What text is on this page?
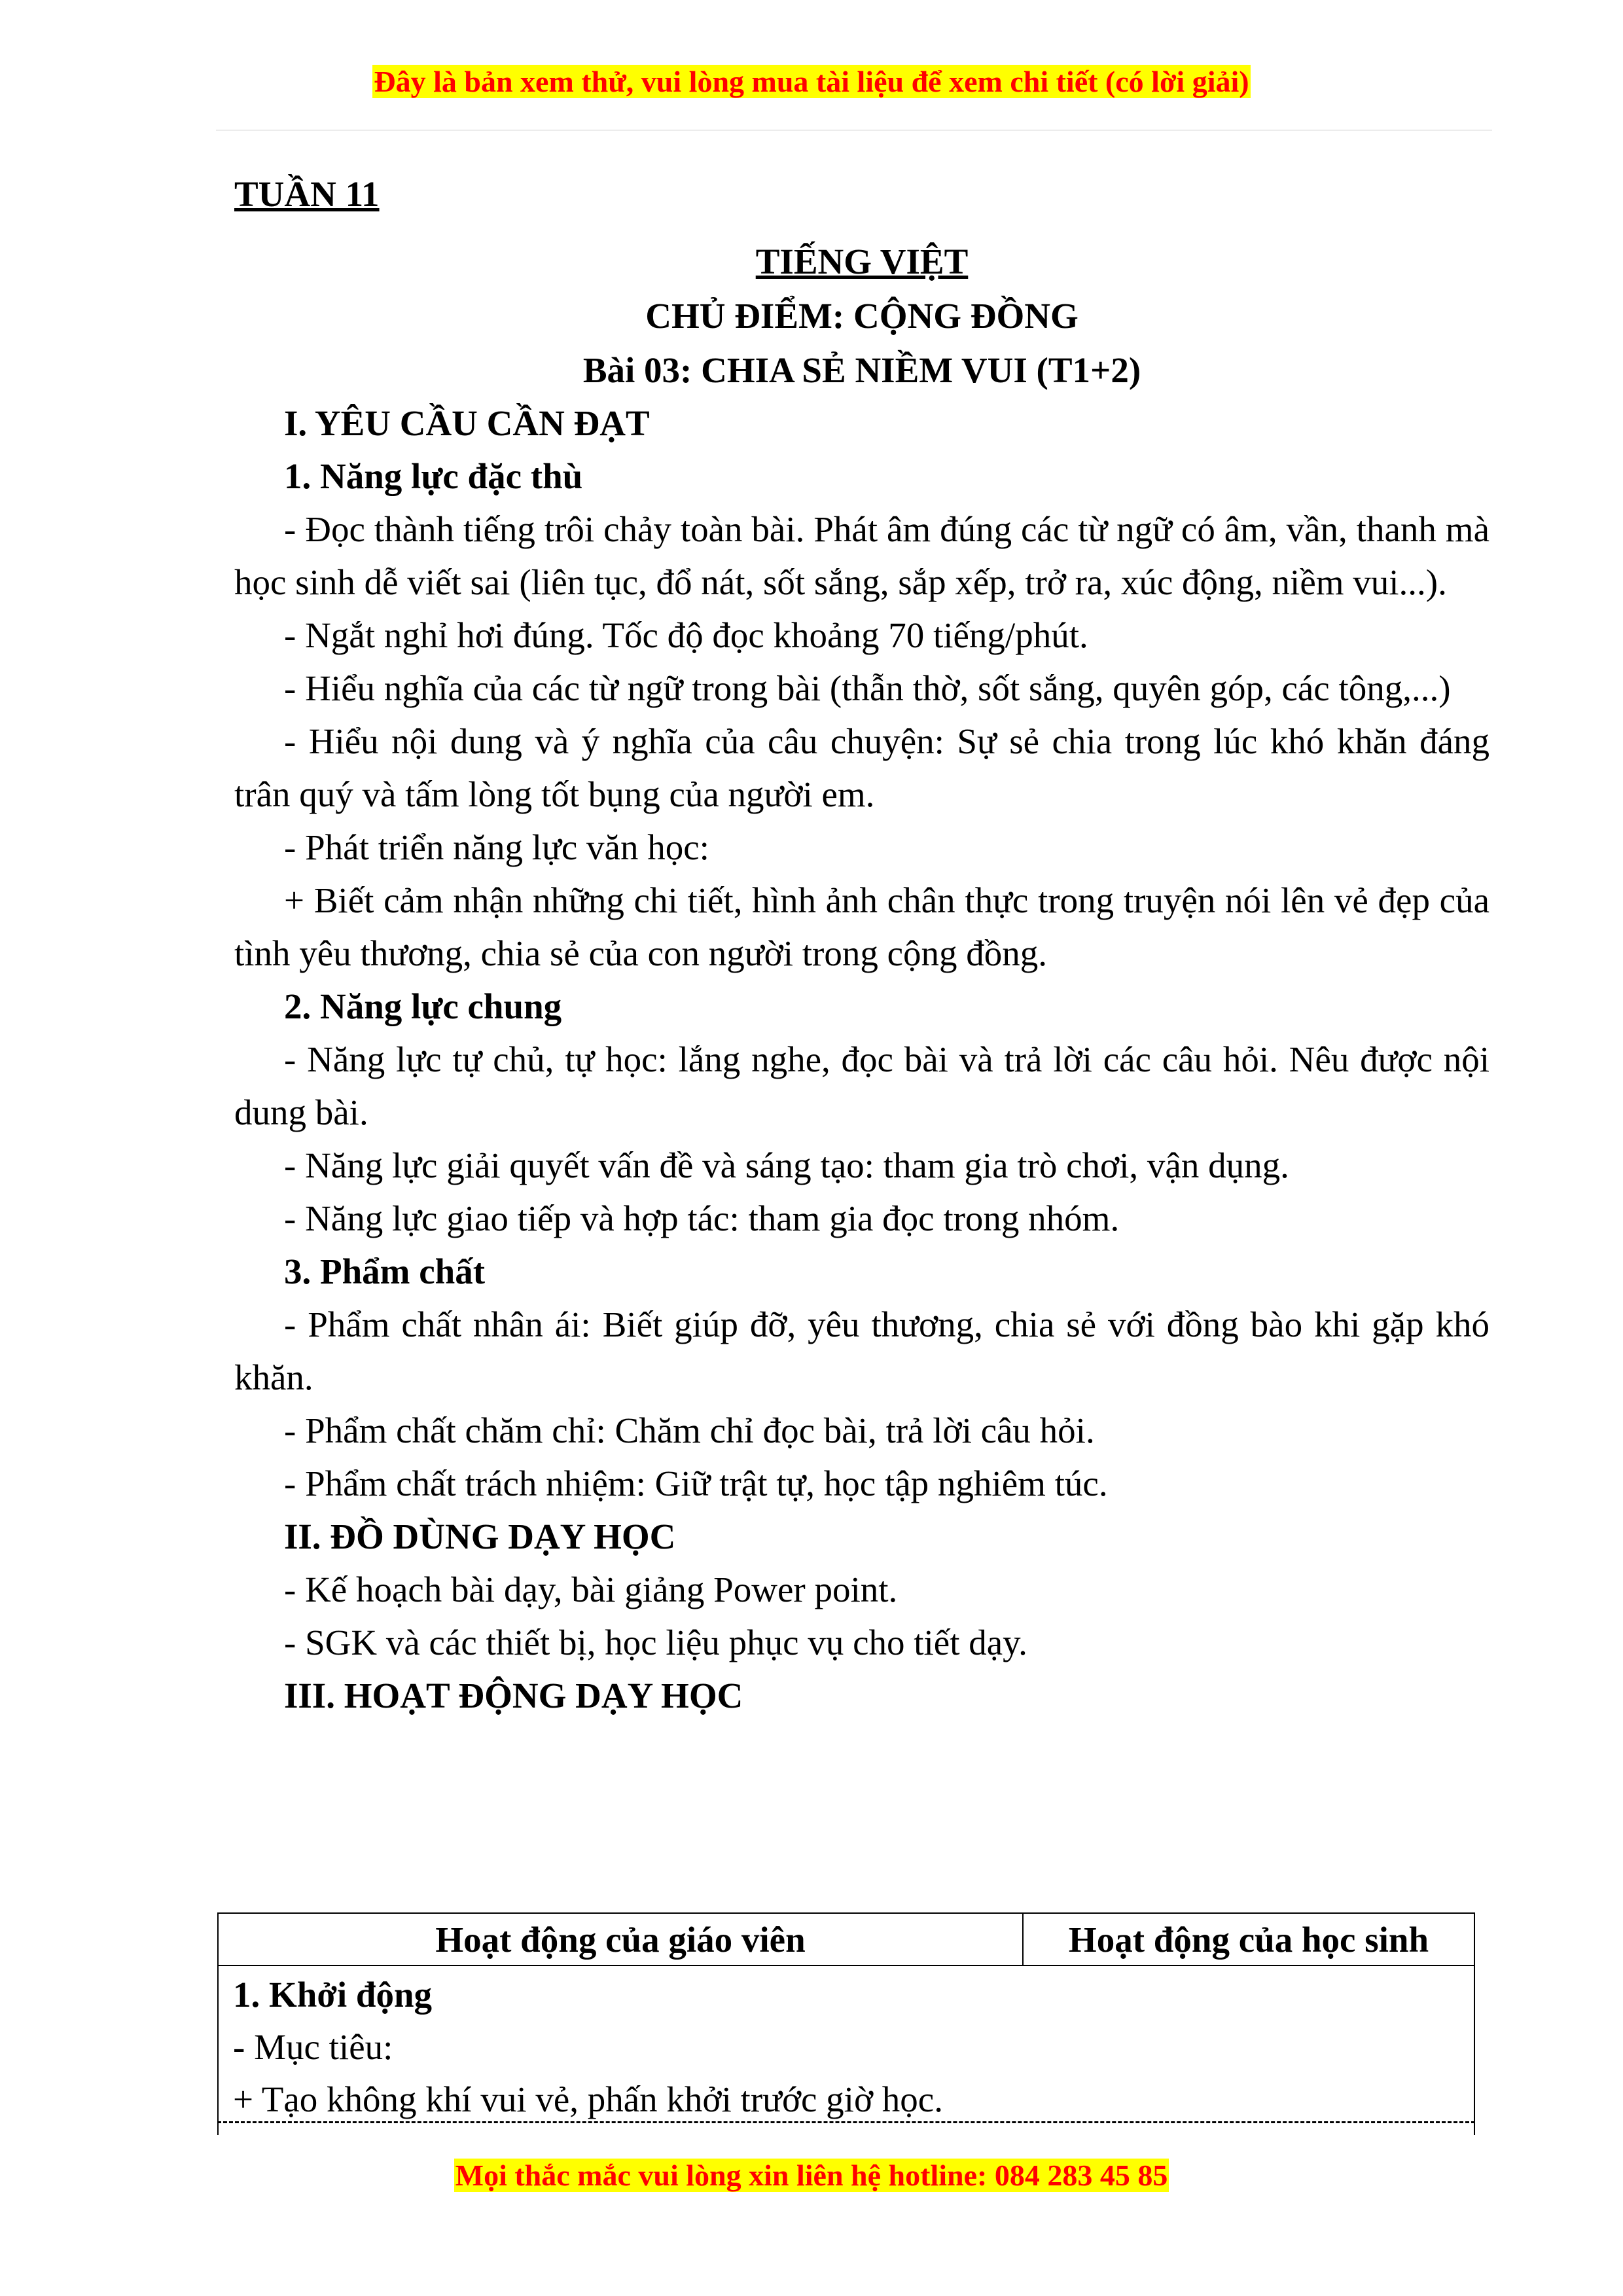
Đây là bản xem thử, vui lòng mua tài liệu để xem chi tiết (có lời giải)

TUẦN 11

TIẾNG VIỆT

CHỦ ĐIỂM: CỘNG ĐỒNG

Bài 03: CHIA SẺ NIỀM VUI (T1+2)

I. YÊU CẦU CẦN ĐẠT
1. Năng lực đặc thù

- Đọc thành tiếng trôi chảy toàn bài. Phát âm đúng các từ ngữ có âm, vần, thanh mà học sinh dễ viết sai (liên tục, đổ nát, sốt sắng, sắp xếp, trở ra, xúc động, niềm vui...).

- Ngắt nghỉ hơi đúng. Tốc độ đọc khoảng 70 tiếng/phút.

- Hiểu nghĩa của các từ ngữ trong bài (thẫn thờ, sốt sắng, quyên góp, các tông,...)

- Hiểu nội dung và ý nghĩa của câu chuyện: Sự sẻ chia trong lúc khó khăn đáng trân quý và tấm lòng tốt bụng của người em.

- Phát triển năng lực văn học:

+ Biết cảm nhận những chi tiết, hình ảnh chân thực trong truyện nói lên vẻ đẹp của tình yêu thương, chia sẻ của con người trong cộng đồng.

2. Năng lực chung

- Năng lực tự chủ, tự học: lắng nghe, đọc bài và trả lời các câu hỏi. Nêu được nội dung bài.

- Năng lực giải quyết vấn đề và sáng tạo: tham gia trò chơi, vận dụng.

- Năng lực giao tiếp và hợp tác: tham gia đọc trong nhóm.

3. Phẩm chất

- Phẩm chất nhân ái: Biết giúp đỡ, yêu thương, chia sẻ với đồng bào khi gặp khó khăn.

- Phẩm chất chăm chỉ: Chăm chỉ đọc bài, trả lời câu hỏi.

- Phẩm chất trách nhiệm: Giữ trật tự, học tập nghiêm túc.

II. ĐỒ DÙNG DẠY HỌC

- Kế hoạch bài dạy, bài giảng Power point.

- SGK và các thiết bị, học liệu phục vụ cho tiết dạy.

III. HOẠT ĐỘNG DẠY HỌC
Hoạt động của giáo viên	Hoạt động của học sinh

1. Khởi động
- Mục tiêu:
+ Tạo không khí vui vẻ, phấn khởi trước giờ học.
Mọi thắc mắc vui lòng xin liên hệ hotline: 084 283 45 85
